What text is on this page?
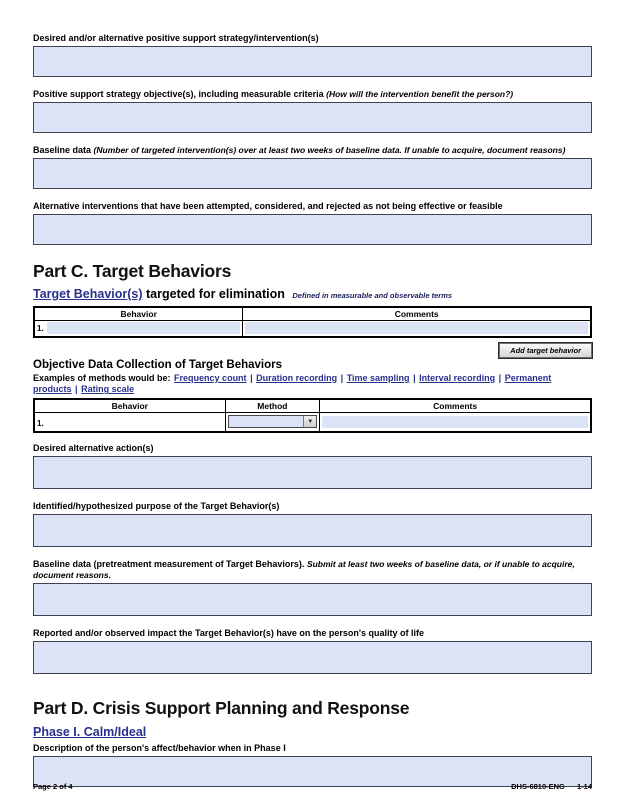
Desired and/or alternative positive support strategy/intervention(s)
Positive support strategy objective(s), including measurable criteria (How will the intervention benefit the person?)
Baseline data (Number of targeted intervention(s) over at least two weeks of baseline data. If unable to acquire, document reasons)
Alternative interventions that have been attempted, considered, and rejected as not being effective or feasible
Part C. Target Behaviors
Target Behavior(s) targeted for elimination Defined in measurable and observable terms
Behavior	Comments

1.	

Add target behavior
Objective Data Collection of Target Behaviors
Examples of methods would be: Frequency count | Duration recording | Time sampling | Interval recording | Permanent products | Rating scale
Behavior	Method	Comments
1.	▼	

Desired alternative action(s)
Identified/hypothesized purpose of the Target Behavior(s)
Baseline data (pretreatment measurement of Target Behaviors). Submit at least two weeks of baseline data, or if unable to acquire, document reasons.
Reported and/or observed impact the Target Behavior(s) have on the person's quality of life
Part D. Crisis Support Planning and Response
Phase I. Calm/Ideal
Description of the person's affect/behavior when in Phase I
Page 2 of 4	DHS-6810-ENG 1-14
